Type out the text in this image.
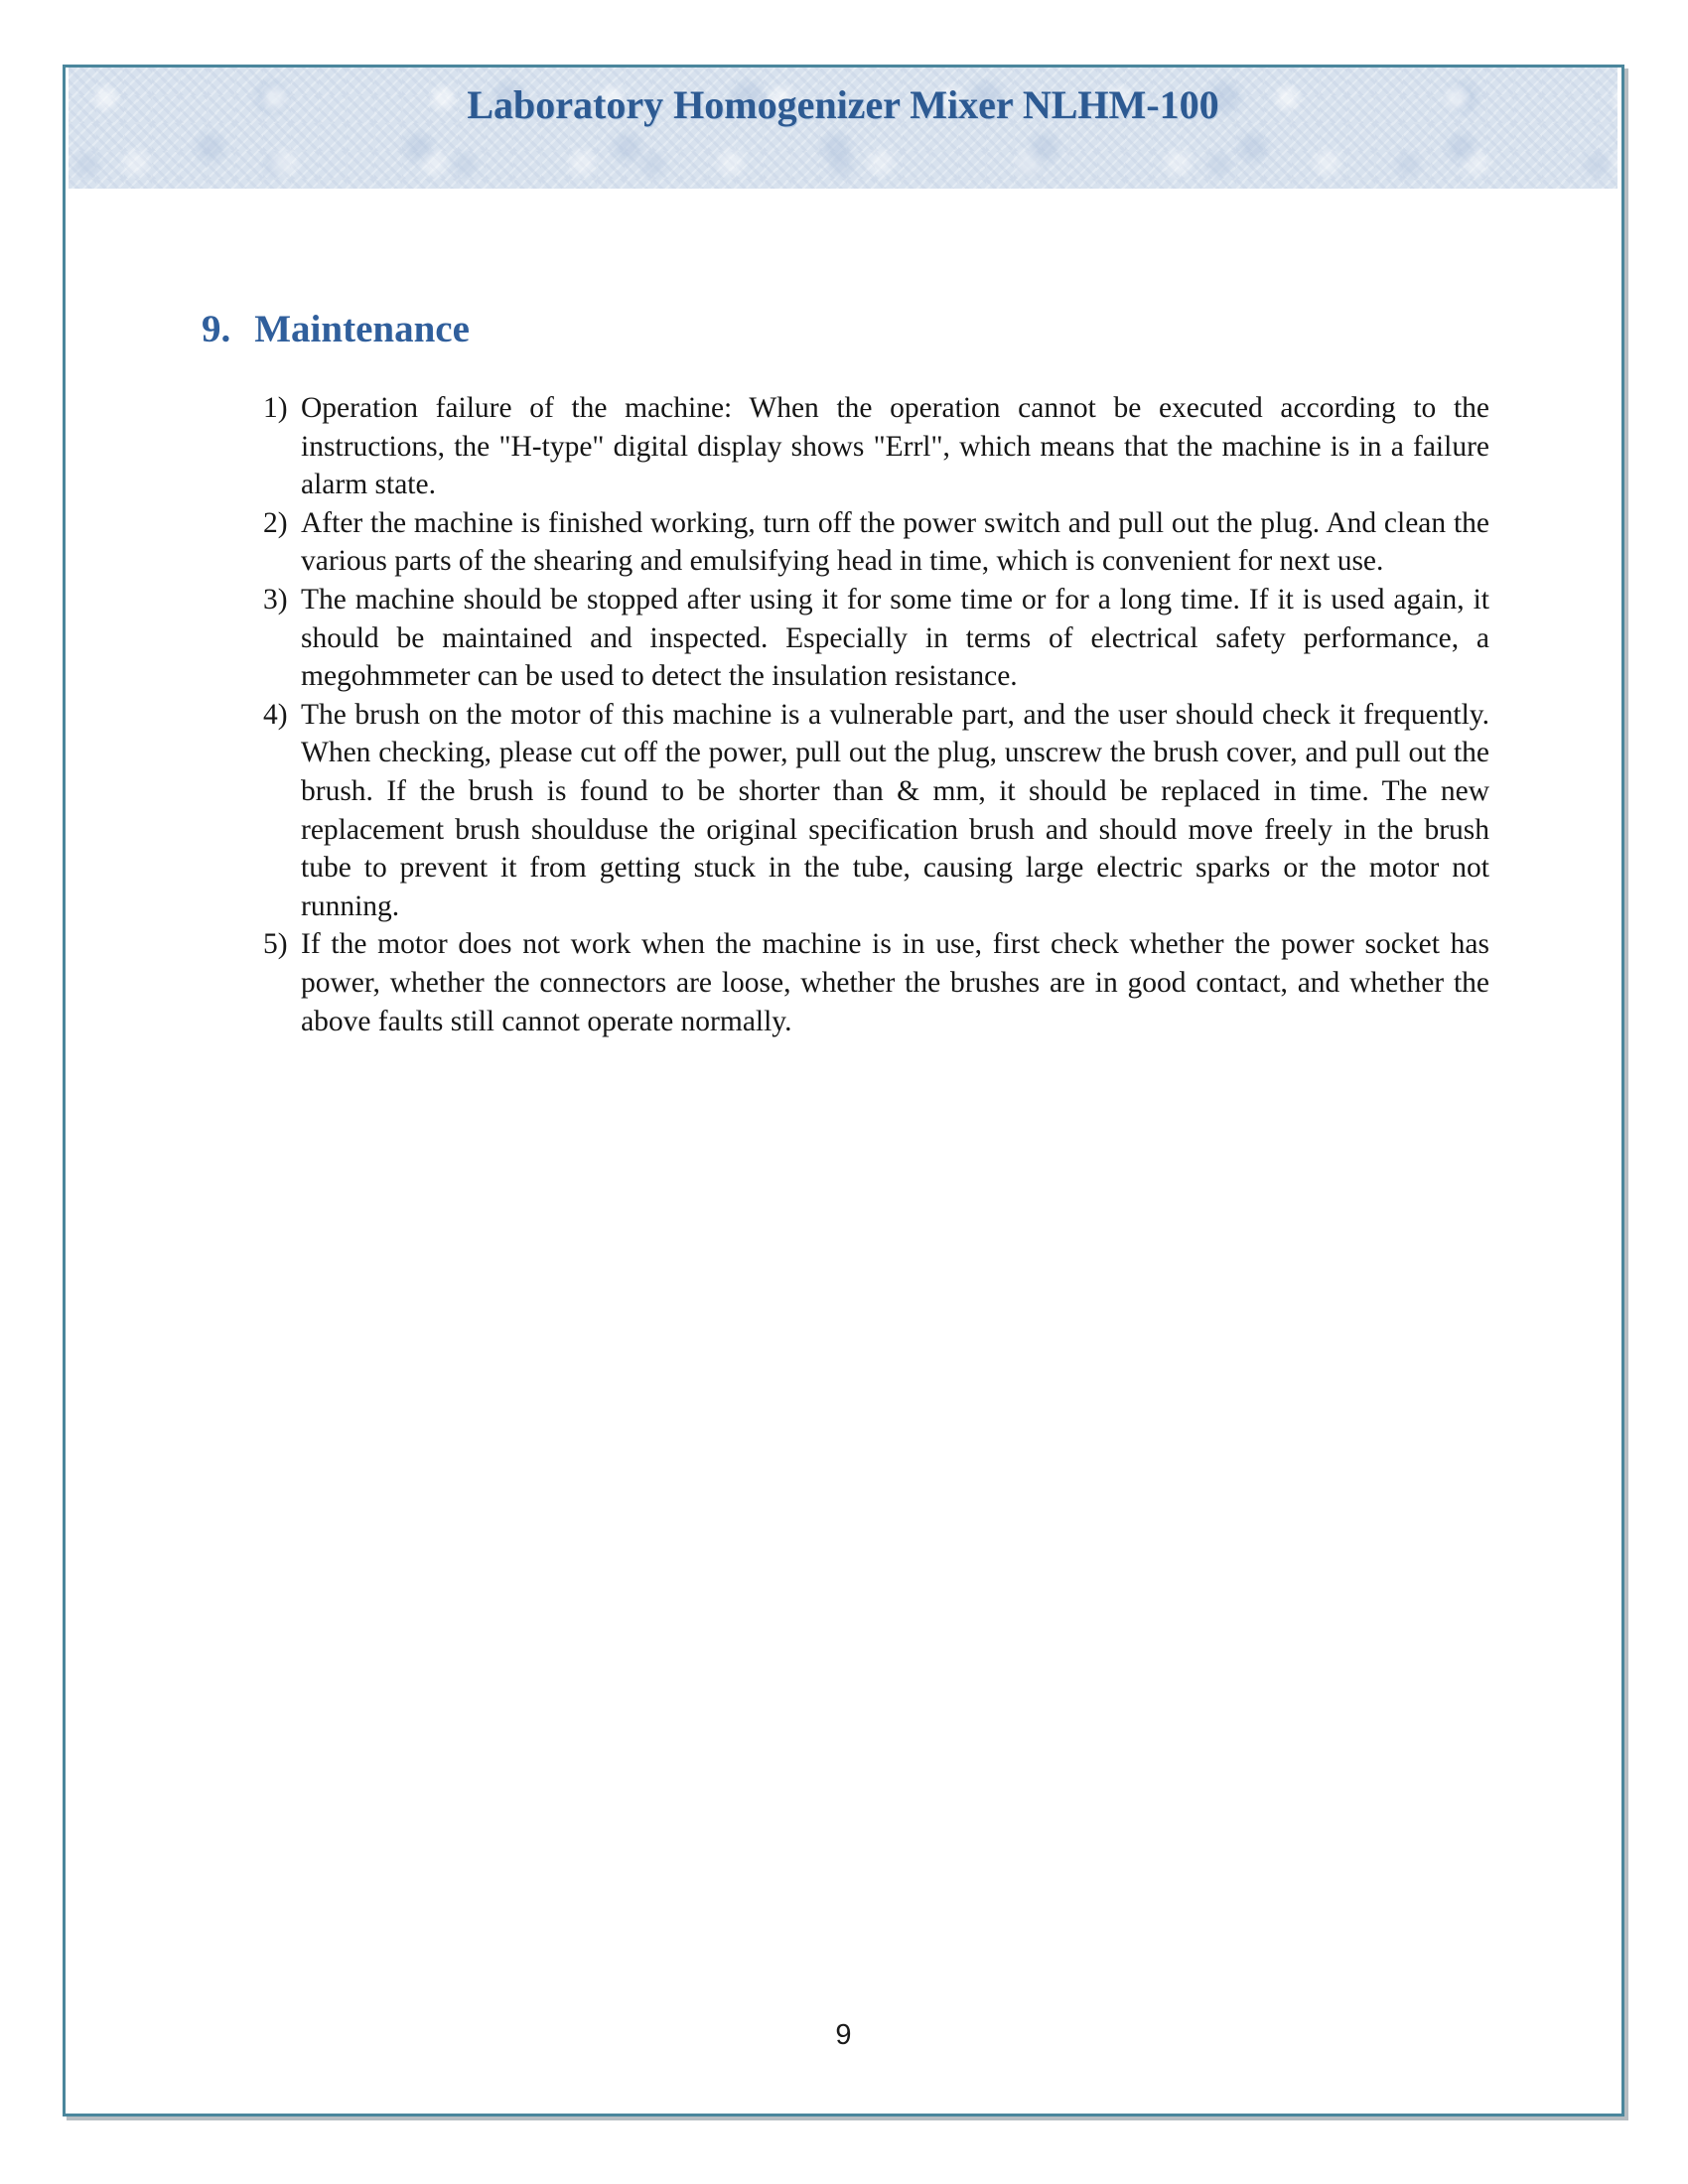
Laboratory Homogenizer Mixer NLHM-100
9. Maintenance
1) Operation failure of the machine: When the operation cannot be executed according to the instructions, the "H-type" digital display shows "Errl", which means that the machine is in a failure alarm state.
2) After the machine is finished working, turn off the power switch and pull out the plug. And clean the various parts of the shearing and emulsifying head in time, which is convenient for next use.
3) The machine should be stopped after using it for some time or for a long time. If it is used again, it should be maintained and inspected. Especially in terms of electrical safety performance, a megohmmeter can be used to detect the insulation resistance.
4) The brush on the motor of this machine is a vulnerable part, and the user should check it frequently. When checking, please cut off the power, pull out the plug, unscrew the brush cover, and pull out the brush. If the brush is found to be shorter than & mm, it should be replaced in time. The new replacement brush shoulduse the original specification brush and should move freely in the brush tube to prevent it from getting stuck in the tube, causing large electric sparks or the motor not running.
5) If the motor does not work when the machine is in use, first check whether the power socket has power, whether the connectors are loose, whether the brushes are in good contact, and whether the above faults still cannot operate normally.
9
